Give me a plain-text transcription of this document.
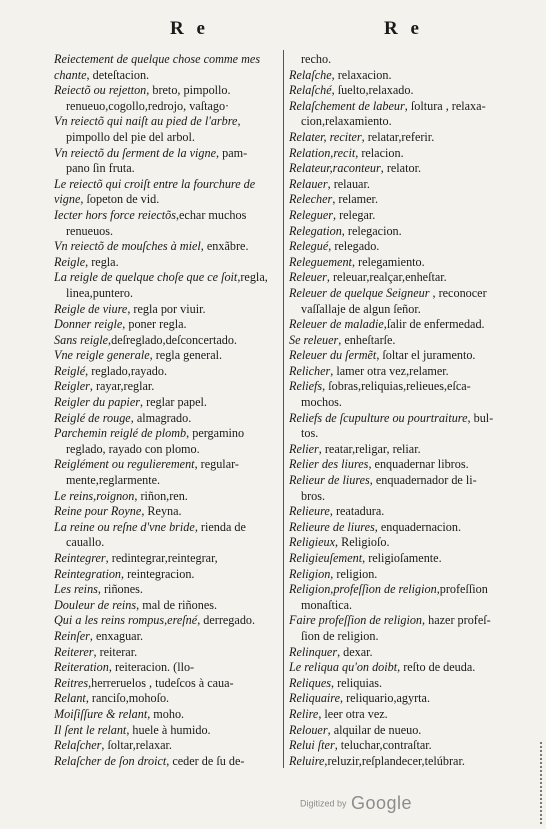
R e	R e
Reiectement de quelque chose comme mes
chante, deteſtacion.
Reiectõ ou rejetton, breto, pimpollo.
renueuo,cogollo,redrojo, vaſtago·
Vn reiectõ qui naiſt au pied de l'arbre,
pimpollo del pie del arbol.
Vn reiectõ du ſerment de la vigne, pam-
pano ſin fruta.
Le reiectõ qui croiſt entre la fourchure de
vigne, ſopeton de vid.
Iecter hors force reiectõs,echar muchos
renueuos.
Vn reiectõ de mouſches à miel, enxãbre.
Reigle, regla.
La reigle de quelque choſe que ce ſoit,regla,
linea,puntero.
Reigle de viure, regla por viuir.
Donner reigle, poner regla.
Sans reigle,deſreglado,deſconcertado.
Vne reigle generale, regla general.
Reiglé, reglado,rayado.
Reigler, rayar,reglar.
Reigler du papier, reglar papel.
Reiglé de rouge, almagrado.
Parchemin reiglé de plomb, pergamino
reglado, rayado con plomo.
Reiglément ou regulierement, regular-
mente,reglarmente.
Le reins,roignon, riñon,ren.
Reine pour Royne, Reyna.
La reine ou reſne d'vne bride, rienda de
cauallo.
Reintegrer, redintegrar,reintegrar,
Reintegration, reintegracion.
Les reins, riñones.
Douleur de reins, mal de riñones.
Qui a les reins rompus,ereſné, derregado.
Reinſer, enxaguar.
Reiterer, reiterar.
Reiteration, reiteracion. (llo-
Reitres,herreruelos , tudeſcos à caua-
Relant, ranciſo,mohoſo.
Moiſiſſure & relant, moho.
Il ſent le relant, huele à humido.
Relaſcher, ſoltar,relaxar.
Relaſcher de ſon droict, ceder de ſu de-
recho.
Relaſche, relaxacion.
Relaſché, ſuelto,relaxado.
Relaſchement de labeur, ſoltura , relaxa-
cion,relaxamiento.
Relater, reciter, relatar,referir.
Relation,recit, relacion.
Relateur,raconteur, relator.
Relauer, relauar.
Relecher, relamer.
Releguer, relegar.
Relegation, relegacion.
Relegué, relegado.
Releguement, relegamiento.
Releuer, releuar,realçar,enheſtar.
Releuer de quelque Seigneur , reconocer
vaſſallaje de algun ſeñor.
Releuer de maladie,ſalir de enfermedad.
Se releuer, enheſtarſe.
Releuer du ſermẽt, ſoltar el juramento.
Relicher, lamer otra vez,relamer.
Reliefs, ſobras,reliquias,relieues,eſca-
mochos.
Reliefs de ſcupulture ou pourtraiture, bul-
tos.
Relier, reatar,religar, reliar.
Relier des liures, enquadernar libros.
Relieur de liures, enquadernador de li-
bros.
Relieure, reatadura.
Relieure de liures, enquadernacion.
Religieux, Religioſo.
Religieuſement, religioſamente.
Religion, religion.
Religion,profeſſion de religion,profeſſion
monaſtica.
Faire profeſſion de religion, hazer profeſ-
ſion de religion.
Relinquer, dexar.
Le reliqua qu'on doibt, reſto de deuda.
Reliques, reliquias.
Reliquaire, reliquario,agyrta.
Relire, leer otra vez.
Relouer, alquilar de nueuo.
Relui ſter, teluchar,contraſtar.
Reluire,reluzir,reſplandecer,telúbrar.
Digitized by Google
